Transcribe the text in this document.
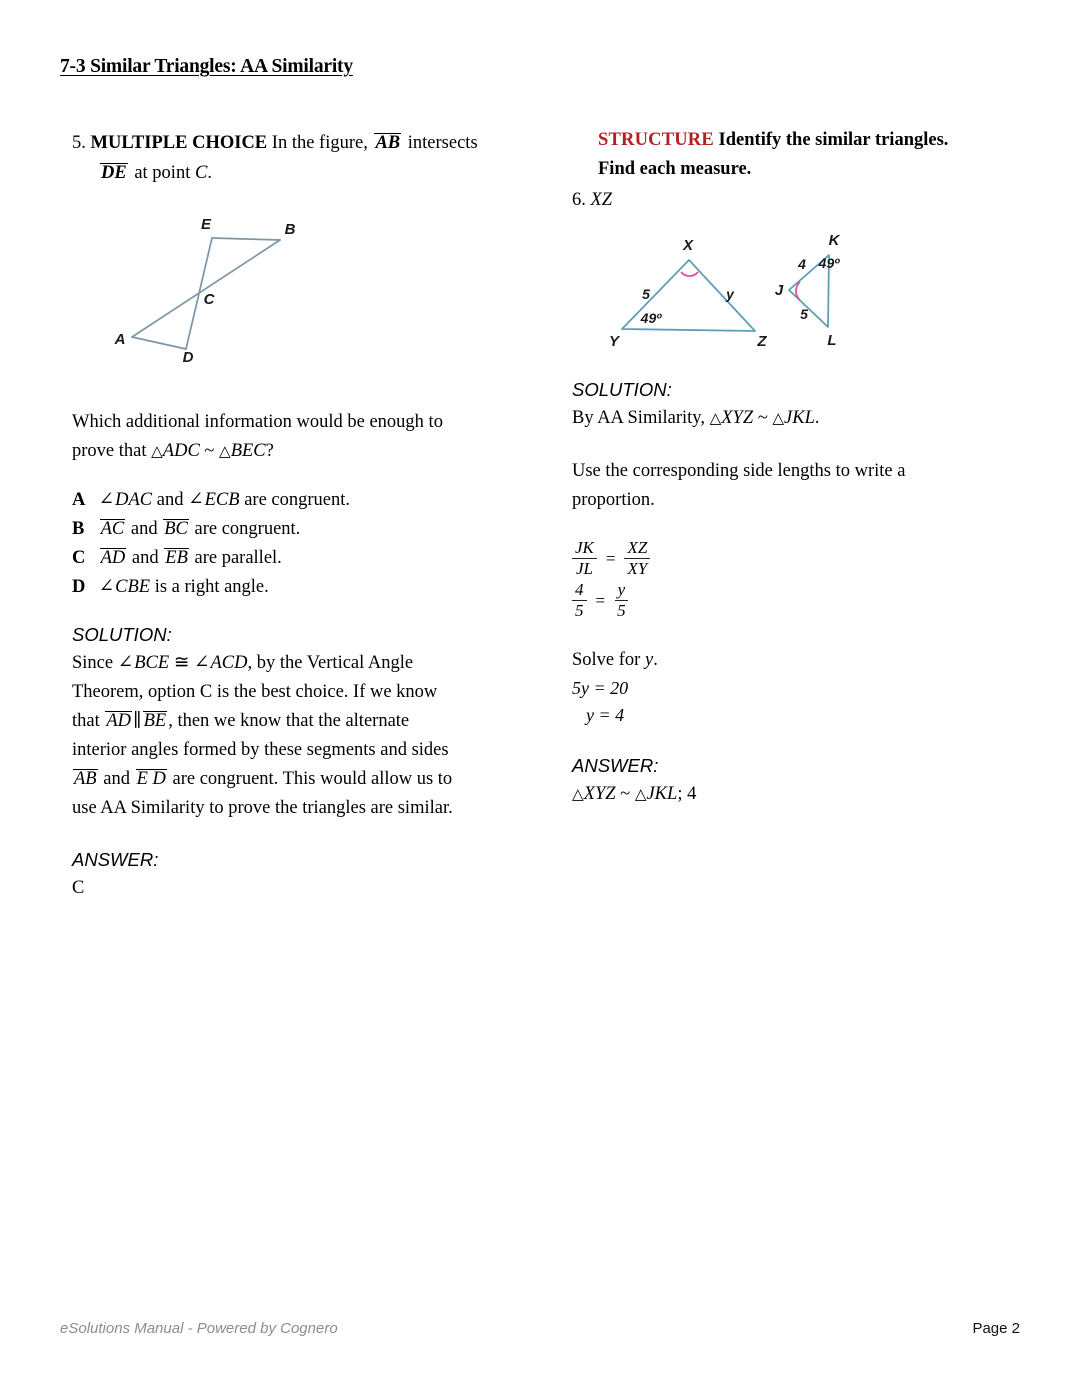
7-3 Similar Triangles: AA Similarity
5. MULTIPLE CHOICE In the figure, AB intersects
DE at point C.
E	B
C
A
D
Which additional information would be enough to
prove that △ ADC ~ △ BEC?
A ∠ DAC and ∠ ECB are congruent.
B AC and BC are congruent.
C AD and EB are parallel.
D ∠ CBE is a right angle.
SOLUTION:
Since ∠ BCE ≅ ∠ ACD, by the Vertical Angle
Theorem, option C is the best choice. If we know
that AD ∥ BE , then we know that the alternate
interior angles formed by these segments and sides
AB and E D are congruent. This would allow us to
use AA Similarity to prove the triangles are similar.
ANSWER:
C
STRUCTURE Identify the similar triangles.
Find each measure.
6. XZ
X
Y	Z
5	y
49º
K
J
L
4
5
49º
SOLUTION:
By AA Similarity, △ XYZ ~ △ JKL.
Use the corresponding side lengths to write a
proportion.
$\frac{JK}{JL} = \frac{XZ}{XY}$
$\frac{4}{5} = \frac{y}{5}$
Solve for y.
5y = 20
y = 4
ANSWER:
△ XYZ ~ △ JKL; 4
eSolutions Manual - Powered by Cognero	Page 2
